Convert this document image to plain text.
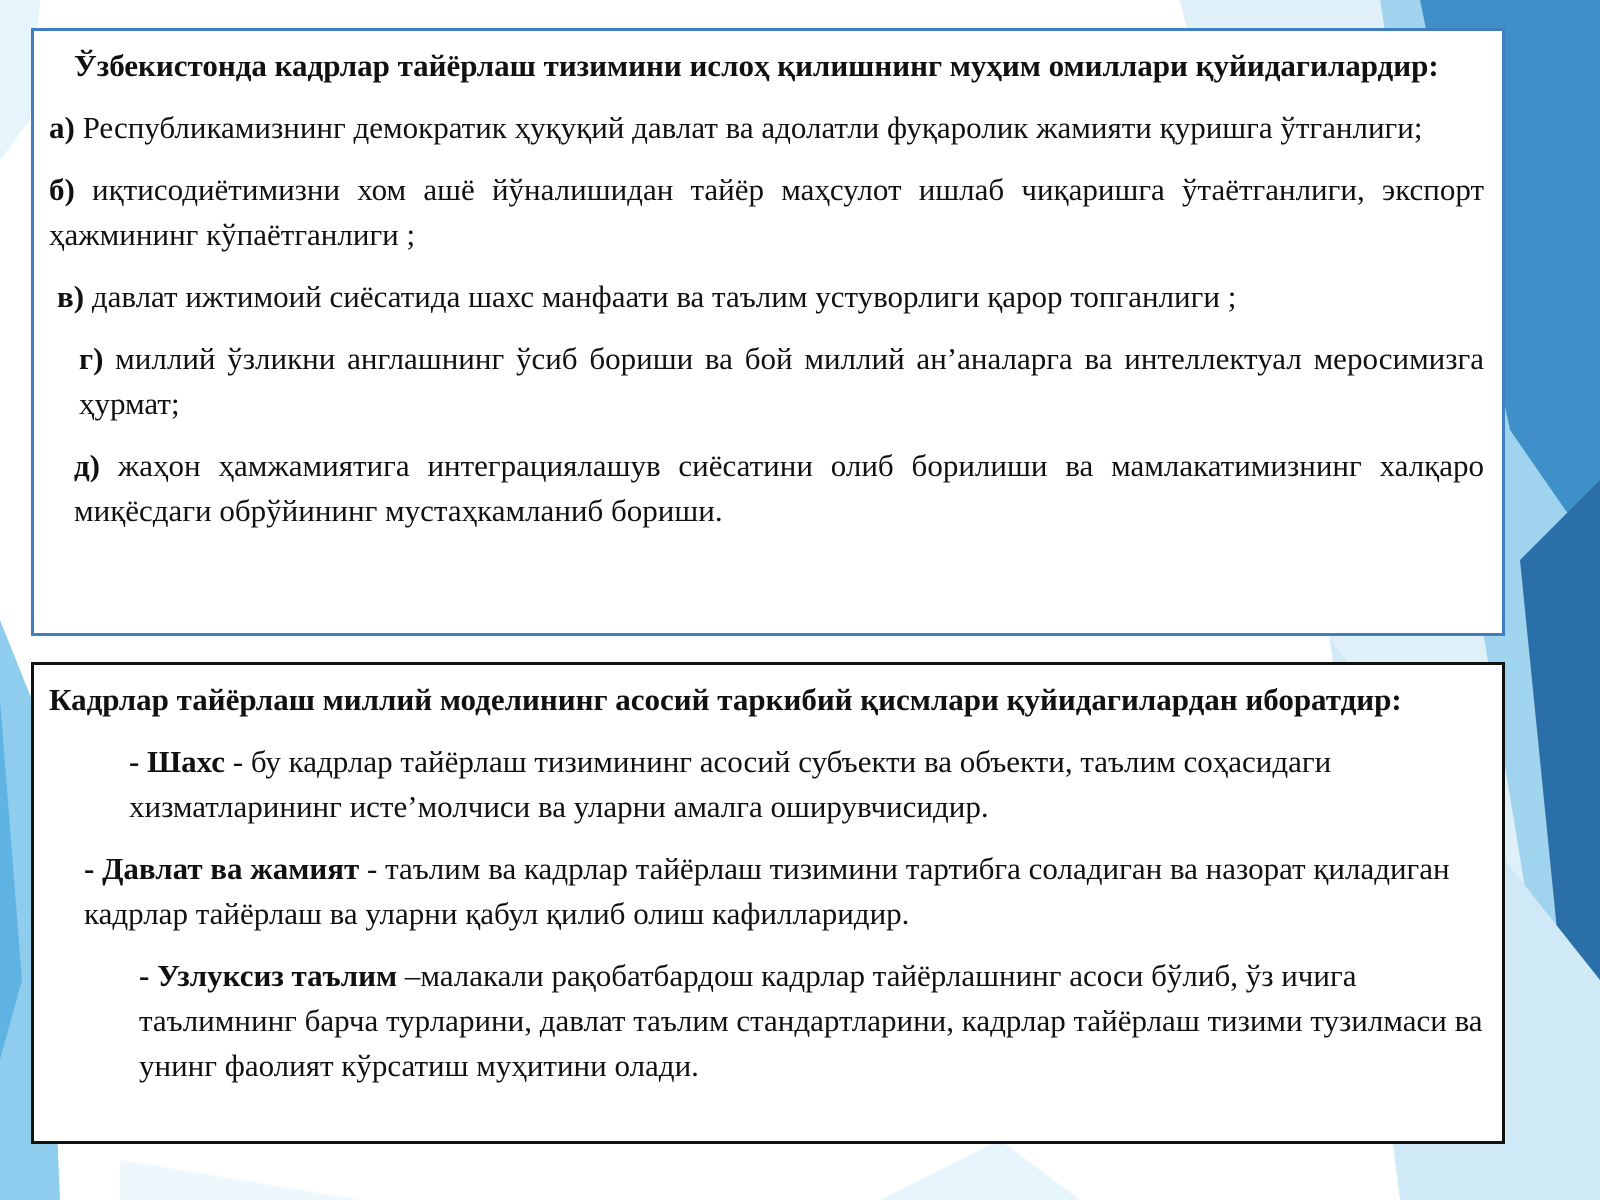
Ўзбекистонда кадрлар тайёрлаш тизимини ислоҳ қилишнинг муҳим омиллари қуйидагилардир:

а) Республикамизнинг демократик ҳуқуқий давлат ва адолатли фуқаролик жамияти қуришга ўтганлиги;

б) иқтисодиётимизни хом ашё йўналишидан тайёр маҳсулот ишлаб чиқаришга ўтаётганлиги, экспорт ҳажмининг кўпаётганлиги ;

в) давлат ижтимоий сиёсатида шахс манфаати ва таълим устуворлиги қарор топганлиги ;

г) миллий ўзликни англашнинг ўсиб бориши ва бой миллий ан’аналарга ва интеллектуал меросимизга ҳурмат;

д) жаҳон ҳамжамиятига интеграциялашув сиёсатини олиб борилиши ва мамлакатимизнинг халқаро миқёсдаги обрўйининг мустаҳкамланиб бориши.

Кадрлар тайёрлаш миллий моделининг асосий таркибий қисмлари қуйидагилардан иборатдир:

- Шахс - бу кадрлар тайёрлаш тизимининг асосий субъекти ва объекти, таълим соҳасидаги хизматларининг исте’молчиси ва уларни амалга оширувчисидир.

- Давлат ва жамият - таълим ва кадрлар тайёрлаш тизимини тартибга соладиган ва назорат қиладиган кадрлар тайёрлаш ва уларни қабул қилиб олиш кафилларидир.

- Узлуксиз таълим –малакали рақобатбардош кадрлар тайёрлашнинг асоси бўлиб, ўз ичига таълимнинг барча турларини, давлат таълим стандартларини, кадрлар тайёрлаш тизими тузилмаси ва унинг фаолият кўрсатиш муҳитини олади.
